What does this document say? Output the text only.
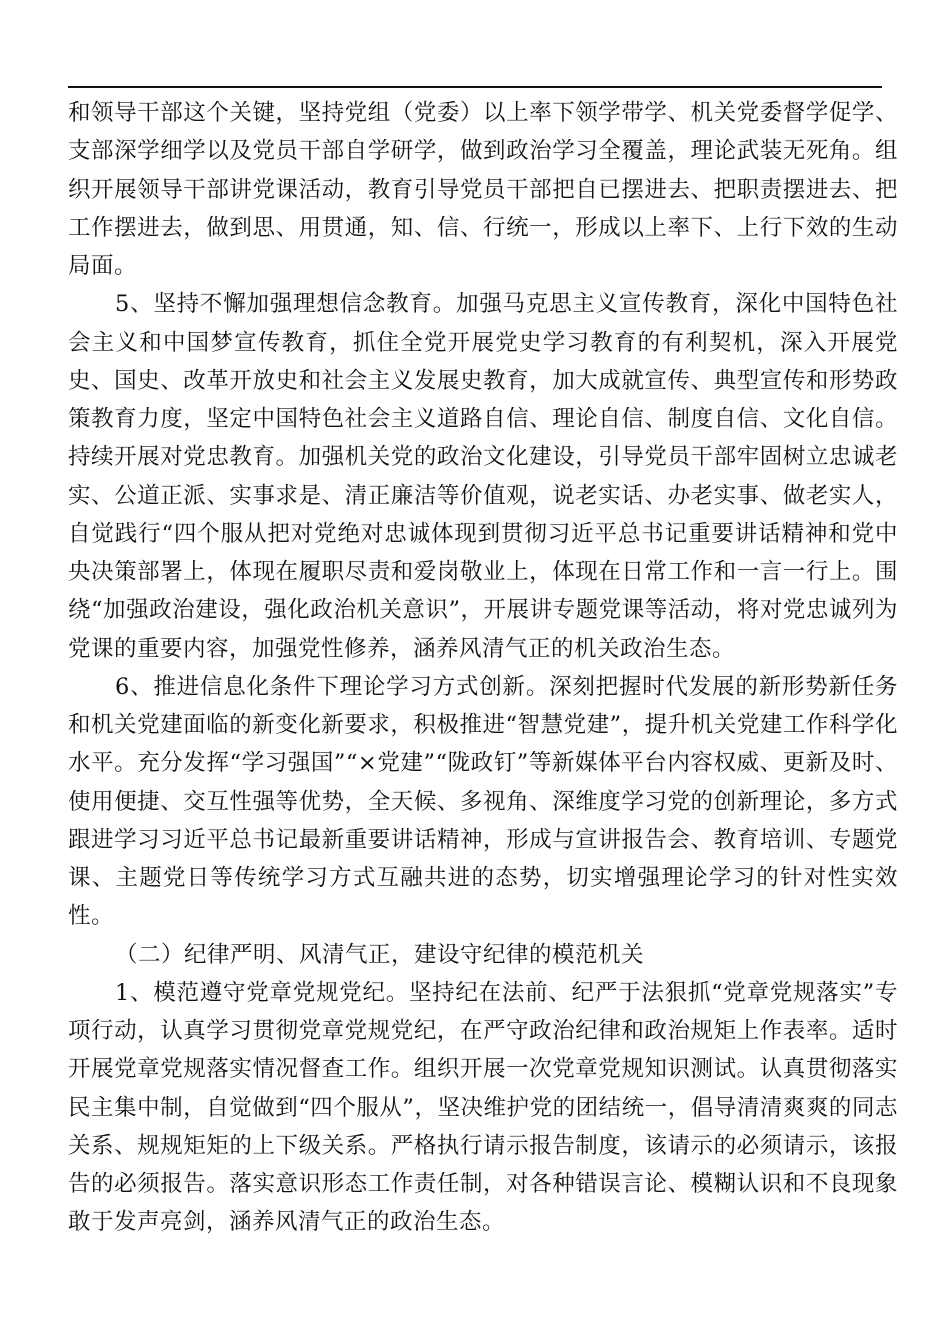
和领导干部这个关键，坚持党组（党委）以上率下领学带学、机关党委督学促学、支部深学细学以及党员干部自学研学，做到政治学习全覆盖，理论武装无死角。组织开展领导干部讲党课活动，教育引导党员干部把自已摆进去、把职责摆进去、把工作摆进去，做到思、用贯通，知、信、行统一，形成以上率下、上行下效的生动局面。

5、坚持不懈加强理想信念教育。加强马克思主义宣传教育，深化中国特色社会主义和中国梦宣传教育，抓住全党开展党史学习教育的有利契机，深入开展党史、国史、改革开放史和社会主义发展史教育，加大成就宣传、典型宣传和形势政策教育力度，坚定中国特色社会主义道路自信、理论自信、制度自信、文化自信。持续开展对党忠教育。加强机关党的政治文化建设，引导党员干部牢固树立忠诚老实、公道正派、实事求是、清正廉洁等价值观，说老实话、办老实事、做老实人，自觉践行“四个服从把对党绝对忠诚体现到贯彻习近平总书记重要讲话精神和党中央决策部署上，体现在履职尽责和爱岗敬业上，体现在日常工作和一言一行上。围绕“加强政治建设，强化政治机关意识”，开展讲专题党课等活动，将对党忠诚列为党课的重要内容，加强党性修养，涵养风清气正的机关政治生态。

6、推进信息化条件下理论学习方式创新。深刻把握时代发展的新形势新任务和机关党建面临的新变化新要求，积极推进“智慧党建”，提升机关党建工作科学化水平。充分发挥“学习强国”“×党建”“陇政钉”等新媒体平台内容权威、更新及时、使用便捷、交互性强等优势，全天候、多视角、深维度学习党的创新理论，多方式跟进学习习近平总书记最新重要讲话精神，形成与宣讲报告会、教育培训、专题党课、主题党日等传统学习方式互融共进的态势，切实增强理论学习的针对性实效性。

（二）纪律严明、风清气正，建设守纪律的模范机关

1、模范遵守党章党规党纪。坚持纪在法前、纪严于法狠抓“党章党规落实”专项行动，认真学习贯彻党章党规党纪，在严守政治纪律和政治规矩上作表率。适时开展党章党规落实情况督查工作。组织开展一次党章党规知识测试。认真贯彻落实民主集中制，自觉做到“四个服从”，坚决维护党的团结统一，倡导清清爽爽的同志关系、规规矩矩的上下级关系。严格执行请示报告制度，该请示的必须请示，该报告的必须报告。落实意识形态工作责任制，对各种错误言论、模糊认识和不良现象敢于发声亮剑，涵养风清气正的政治生态。
